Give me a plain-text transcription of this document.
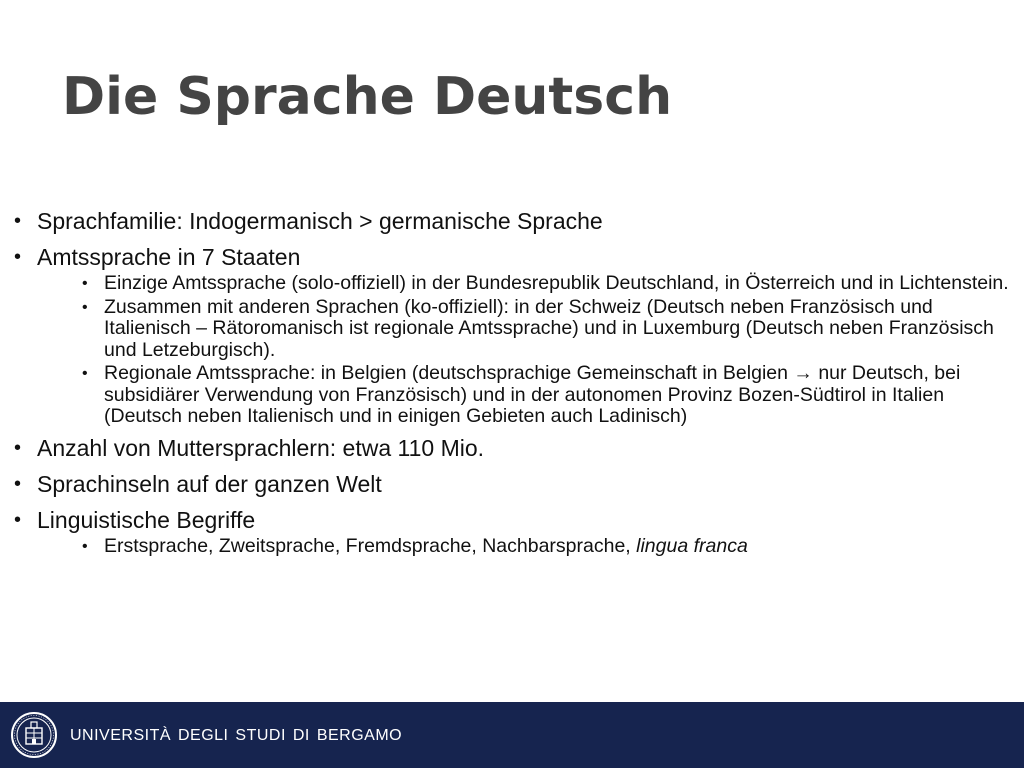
Die Sprache Deutsch
• Sprachfamilie: Indogermanisch > germanische Sprache
• Amtssprache in 7 Staaten
• Einzige Amtssprache (solo-offiziell) in der Bundesrepublik Deutschland, in Österreich und in Lichtenstein.
• Zusammen mit anderen Sprachen (ko-offiziell): in der Schweiz (Deutsch neben Französisch und Italienisch – Rätoromanisch ist regionale Amtssprache) und in Luxemburg (Deutsch neben Französisch und Letzeburgisch).
• Regionale Amtssprache: in Belgien (deutschsprachige Gemeinschaft in Belgien → nur Deutsch, bei subsidiärer Verwendung von Französisch) und in der autonomen Provinz Bozen-Südtirol in Italien (Deutsch neben Italienisch und in einigen Gebieten auch Ladinisch)
• Anzahl von Muttersprachlern: etwa 110 Mio.
• Sprachinseln auf der ganzen Welt
• Linguistische Begriffe
• Erstsprache, Zweitsprache, Fremdsprache, Nachbarsprache, lingua franca
UNIVERSITÀ DEGLI STUDI DI BERGAMO
